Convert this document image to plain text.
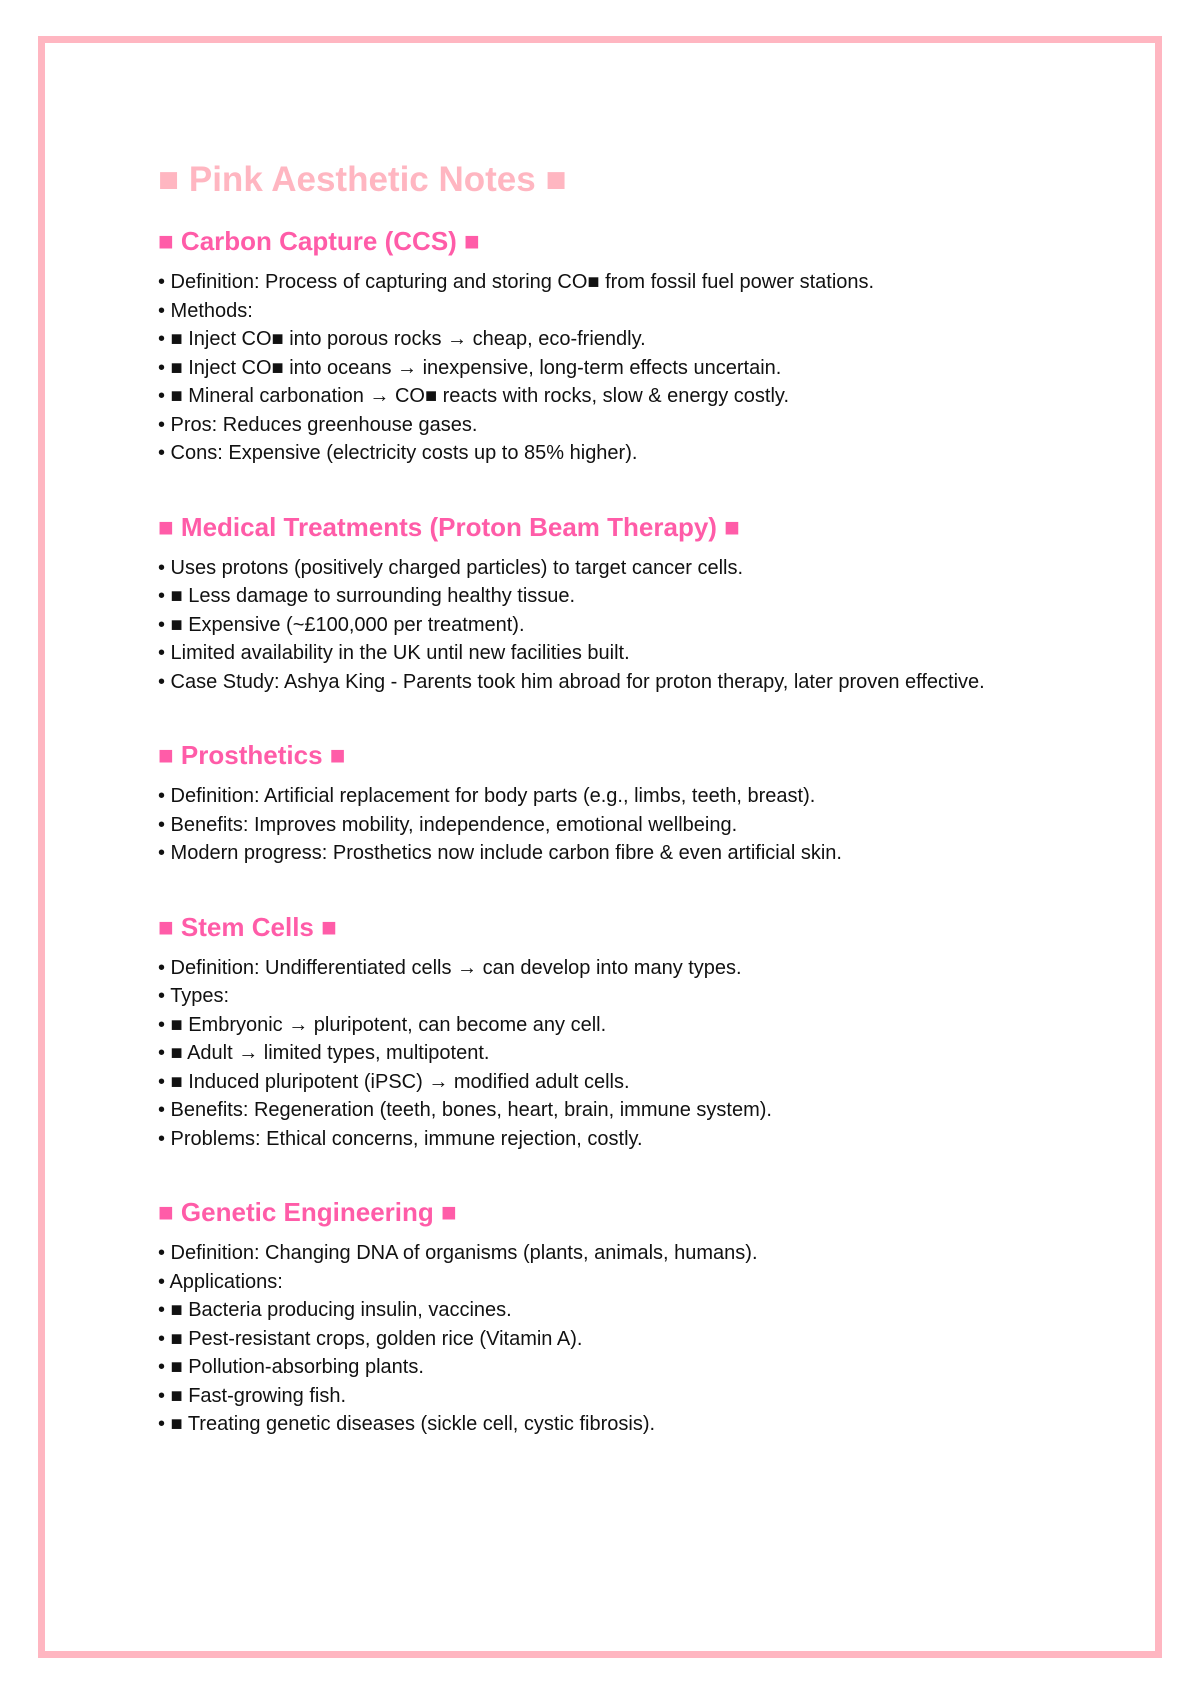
■ Pink Aesthetic Notes ■
■ Carbon Capture (CCS) ■
• Definition: Process of capturing and storing CO■ from fossil fuel power stations.
• Methods:
• ■ Inject CO■ into porous rocks → cheap, eco-friendly.
• ■ Inject CO■ into oceans → inexpensive, long-term effects uncertain.
• ■ Mineral carbonation → CO■ reacts with rocks, slow & energy costly.
• Pros: Reduces greenhouse gases.
• Cons: Expensive (electricity costs up to 85% higher).
■ Medical Treatments (Proton Beam Therapy) ■
• Uses protons (positively charged particles) to target cancer cells.
• ■ Less damage to surrounding healthy tissue.
• ■ Expensive (~£100,000 per treatment).
• Limited availability in the UK until new facilities built.
• Case Study: Ashya King - Parents took him abroad for proton therapy, later proven effective.
■ Prosthetics ■
• Definition: Artificial replacement for body parts (e.g., limbs, teeth, breast).
• Benefits: Improves mobility, independence, emotional wellbeing.
• Modern progress: Prosthetics now include carbon fibre & even artificial skin.
■ Stem Cells ■
• Definition: Undifferentiated cells → can develop into many types.
• Types:
• ■ Embryonic → pluripotent, can become any cell.
• ■ Adult → limited types, multipotent.
• ■ Induced pluripotent (iPSC) → modified adult cells.
• Benefits: Regeneration (teeth, bones, heart, brain, immune system).
• Problems: Ethical concerns, immune rejection, costly.
■ Genetic Engineering ■
• Definition: Changing DNA of organisms (plants, animals, humans).
• Applications:
• ■ Bacteria producing insulin, vaccines.
• ■ Pest-resistant crops, golden rice (Vitamin A).
• ■ Pollution-absorbing plants.
• ■ Fast-growing fish.
• ■ Treating genetic diseases (sickle cell, cystic fibrosis).
